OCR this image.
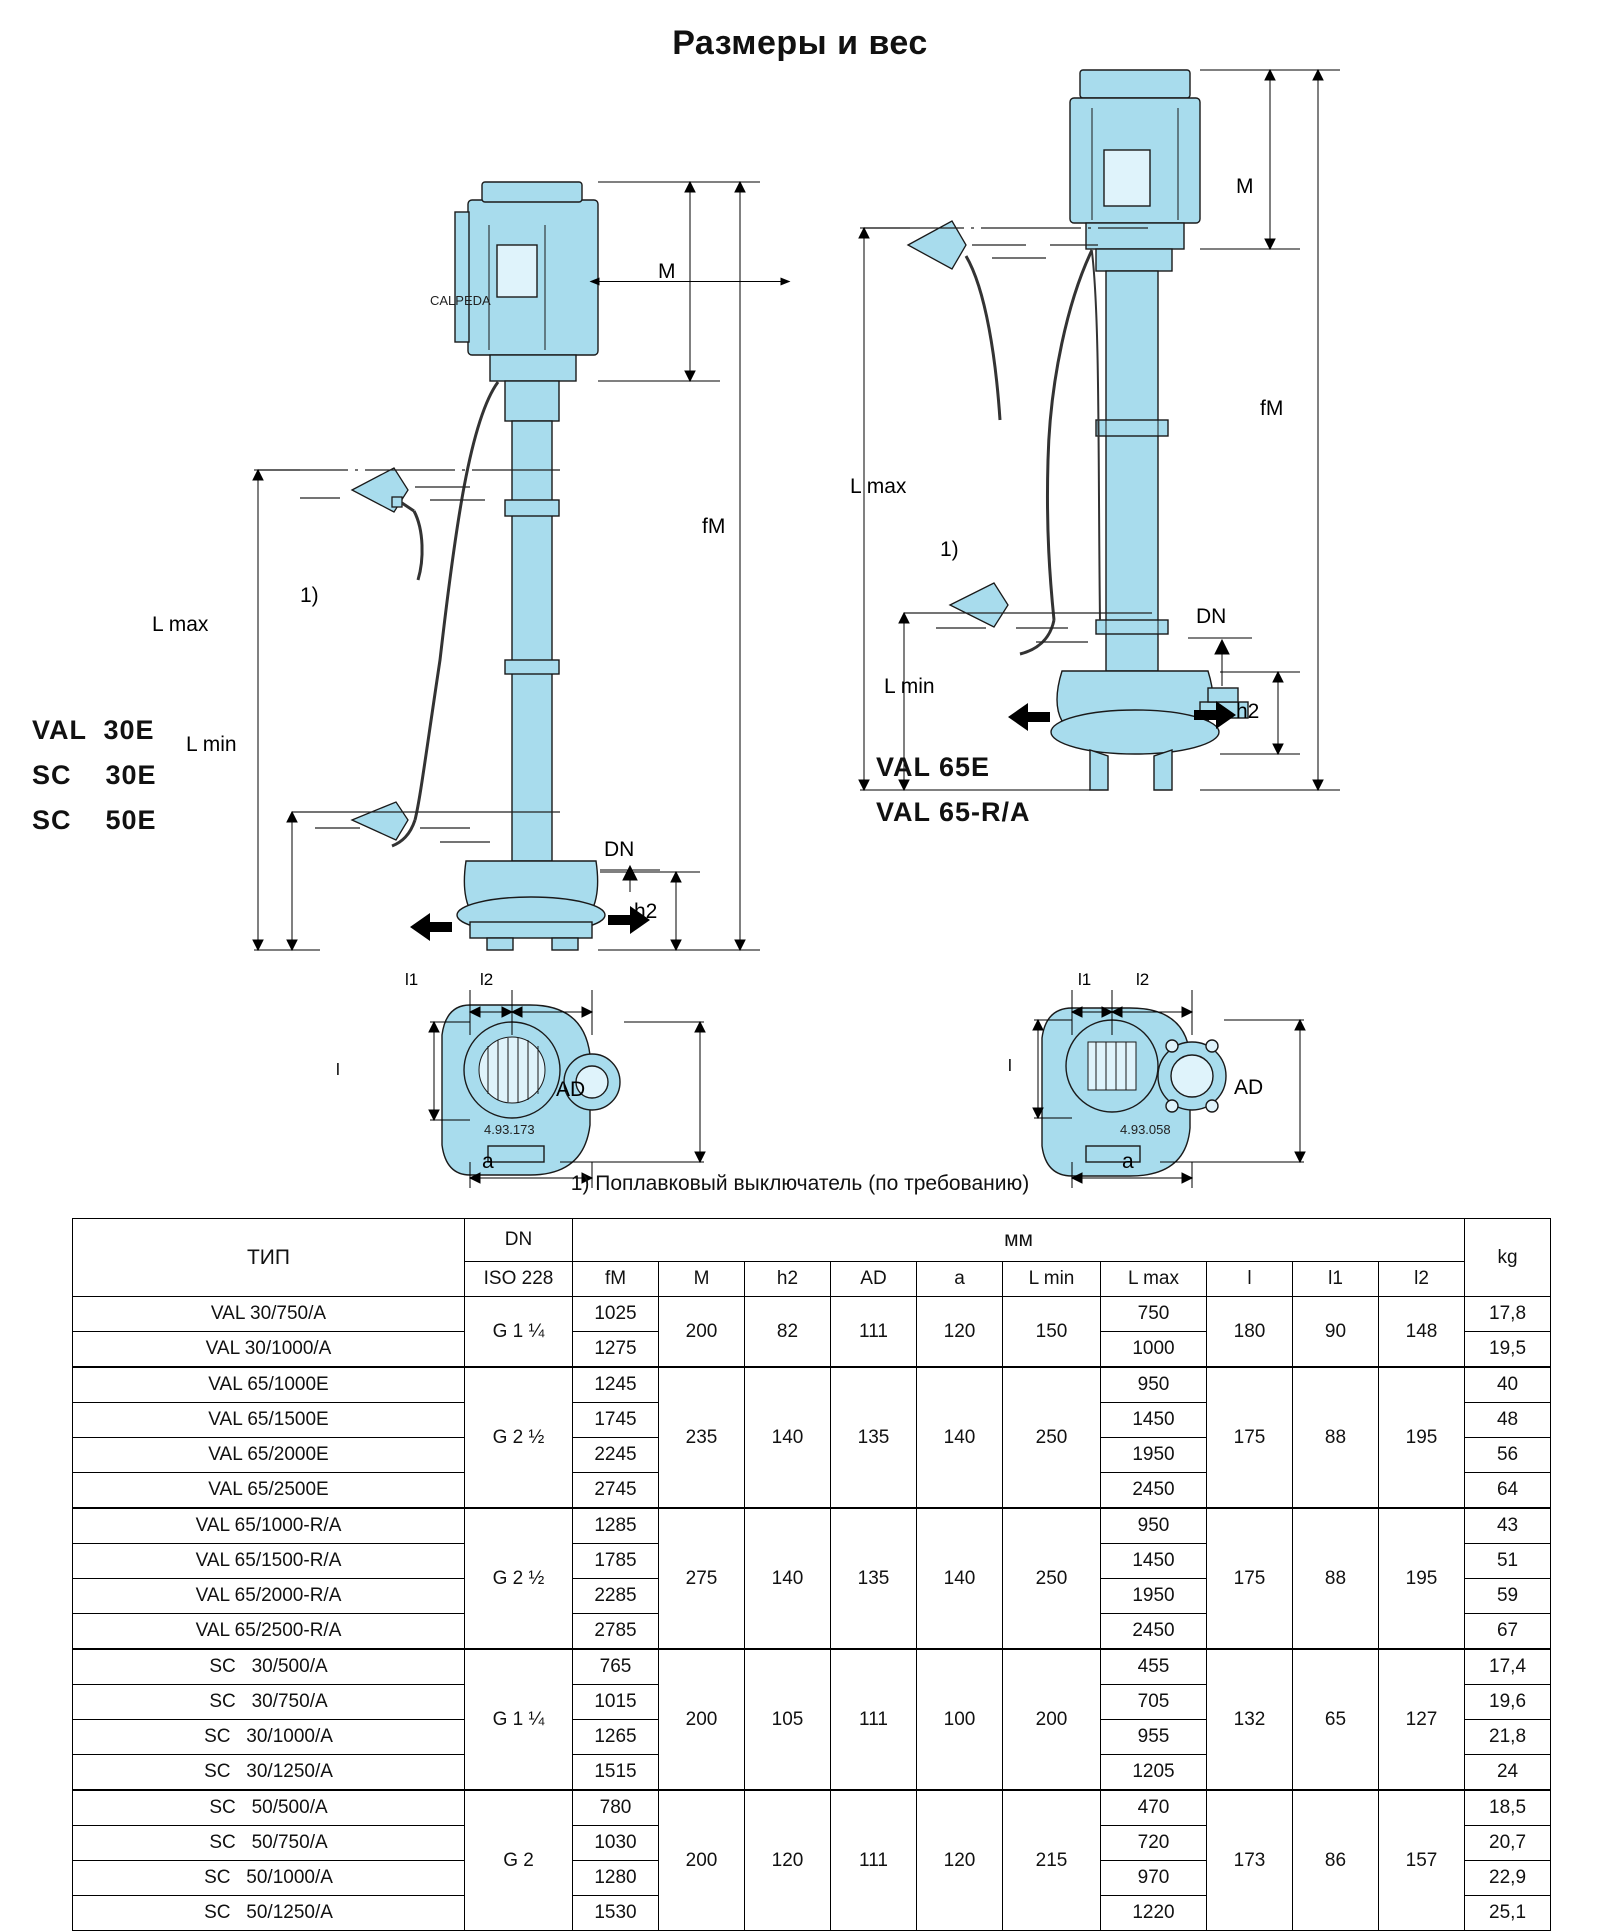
Размеры и вес
VAL  30E
SC    30E
SC    50E
M
fM
L max
L min
DN
h2
1)
CALPEDA
l1	l2
l
AD
a
4.93.173
VAL 65E
VAL 65-R/A
M
fM
L max
L min
DN
h2
1)
l1	l2
l
AD
a
4.93.058
1) Поплавковый выключатель (по требованию)
ТИП	DN	мм										kg
	ISO 228	fM	M	h2	AD	a	L min	L max	l	l1	l2	
VAL 30/750/A	G 1 ¼	1025	200	82	111	120	150	750	180	90	148	17,8
VAL 30/1000/A		1275						1000				19,5
VAL 65/1000E	G 2 ½	1245	235	140	135	140	250	950	175	88	195	40
VAL 65/1500E		1745						1450				48
VAL 65/2000E		2245						1950				56
VAL 65/2500E		2745						2450				64
VAL 65/1000-R/A	G 2 ½	1285	275	140	135	140	250	950	175	88	195	43
VAL 65/1500-R/A		1785						1450				51
VAL 65/2000-R/A		2285						1950				59
VAL 65/2500-R/A		2785						2450				67
SC   30/500/A	G 1 ¼	765	200	105	111	100	200	455	132	65	127	17,4
SC   30/750/A		1015						705				19,6
SC   30/1000/A		1265						955				21,8
SC   30/1250/A		1515						1205				24
SC   50/500/A	G 2	780	200	120	111	120	215	470	173	86	157	18,5
SC   50/750/A		1030						720				20,7
SC   50/1000/A		1280						970				22,9
SC   50/1250/A		1530						1220				25,1
